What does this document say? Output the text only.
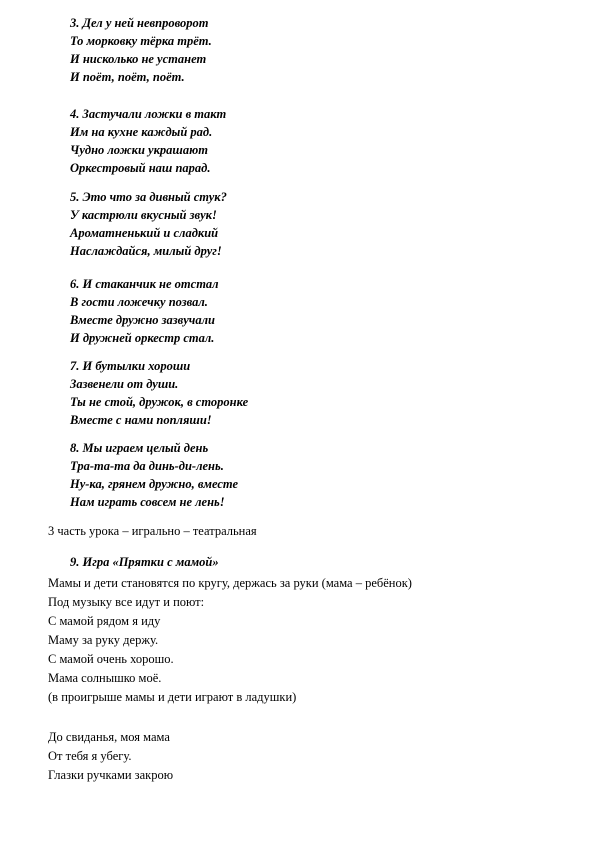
3. Дел у ней невпроворот
То морковку тёрка трёт.
И нисколько не устанет
И поёт, поёт, поёт.
4. Застучали ложки в такт
Им на кухне каждый рад.
Чудно ложки украшают
Оркестровый наш парад.
5. Это что за дивный стук?
У кастрюли вкусный звук!
Ароматненький и сладкий
Наслаждайся, милый друг!
6. И стаканчик не отстал
В гости ложечку позвал.
Вместе дружно зазвучали
И дружней оркестр стал.
7. И бутылки хороши
Зазвенели от души.
Ты не стой, дружок, в сторонке
Вместе с нами попляши!
8. Мы играем целый день
Тра-та-та да динь-ди-лень.
Ну-ка, грянем дружно, вместе
Нам играть совсем не лень!
3 часть урока – игрально – театральная
9. Игра «Прятки с мамой»
Мамы и дети становятся по кругу, держась за руки (мама – ребёнок)
Под музыку все идут и поют:
С мамой рядом я иду
Маму за руку держу.
С мамой очень хорошо.
Мама солнышко моё.
(в проигрыше мамы и дети играют в ладушки)
До свиданья, моя мама
От тебя я убегу.
Глазки ручками закрою
